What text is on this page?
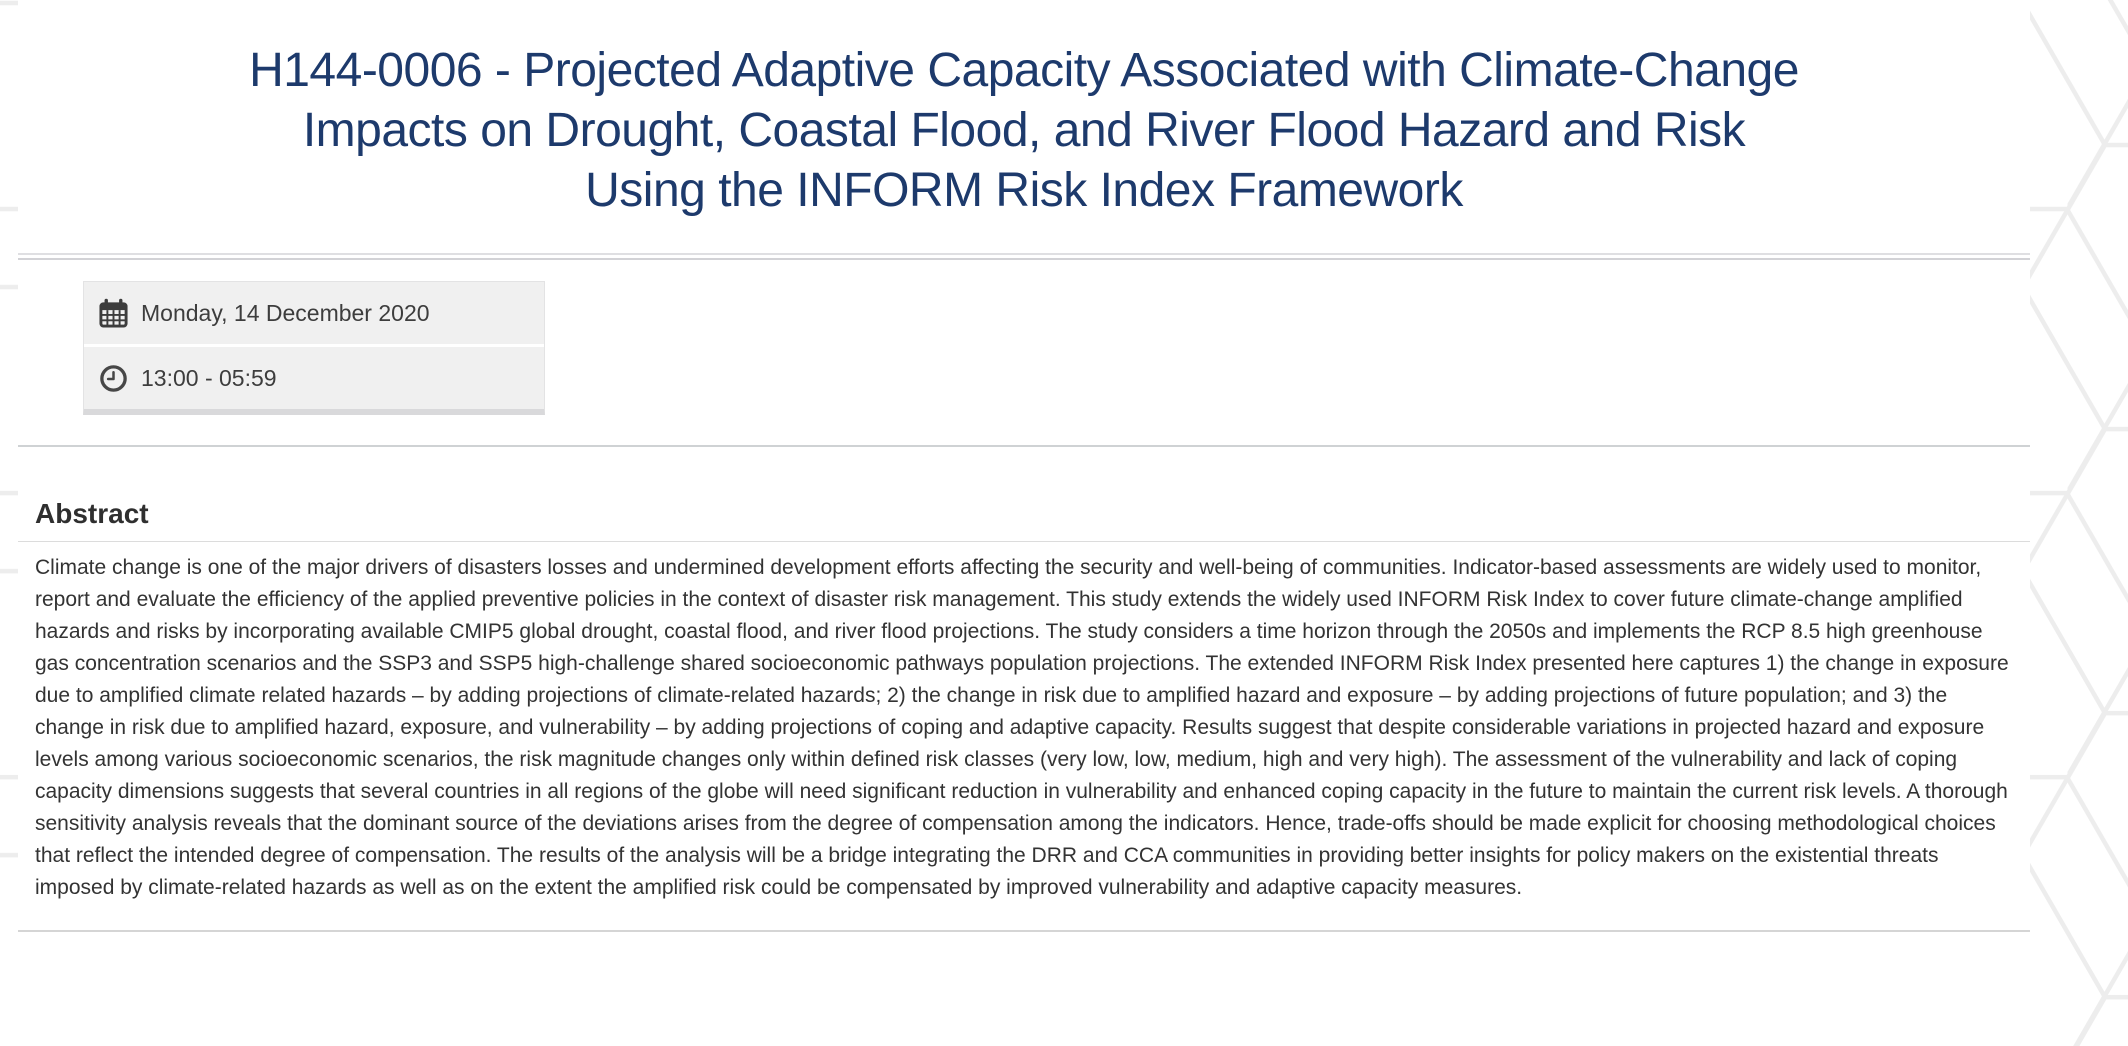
H144-0006 - Projected Adaptive Capacity Associated with Climate-Change
Impacts on Drought, Coastal Flood, and River Flood Hazard and Risk
Using the INFORM Risk Index Framework
Monday, 14 December 2020
13:00 - 05:59
Abstract

Climate change is one of the major drivers of disasters losses and undermined development efforts affecting the security and well-being of communities. Indicator-based assessments are widely used to monitor, report and evaluate the efficiency of the applied preventive policies in the context of disaster risk management. This study extends the widely used INFORM Risk Index to cover future climate-change amplified hazards and risks by incorporating available CMIP5 global drought, coastal flood, and river flood projections. The study considers a time horizon through the 2050s and implements the RCP 8.5 high greenhouse gas concentration scenarios and the SSP3 and SSP5 high-challenge shared socioeconomic pathways population projections. The extended INFORM Risk Index presented here captures 1) the change in exposure due to amplified climate related hazards – by adding projections of climate-related hazards; 2) the change in risk due to amplified hazard and exposure – by adding projections of future population; and 3) the change in risk due to amplified hazard, exposure, and vulnerability – by adding projections of coping and adaptive capacity. Results suggest that despite considerable variations in projected hazard and exposure levels among various socioeconomic scenarios, the risk magnitude changes only within defined risk classes (very low, low, medium, high and very high). The assessment of the vulnerability and lack of coping capacity dimensions suggests that several countries in all regions of the globe will need significant reduction in vulnerability and enhanced coping capacity in the future to maintain the current risk levels. A thorough sensitivity analysis reveals that the dominant source of the deviations arises from the degree of compensation among the indicators. Hence, trade-offs should be made explicit for choosing methodological choices that reflect the intended degree of compensation. The results of the analysis will be a bridge integrating the DRR and CCA communities in providing better insights for policy makers on the existential threats imposed by climate-related hazards as well as on the extent the amplified risk could be compensated by improved vulnerability and adaptive capacity measures.
